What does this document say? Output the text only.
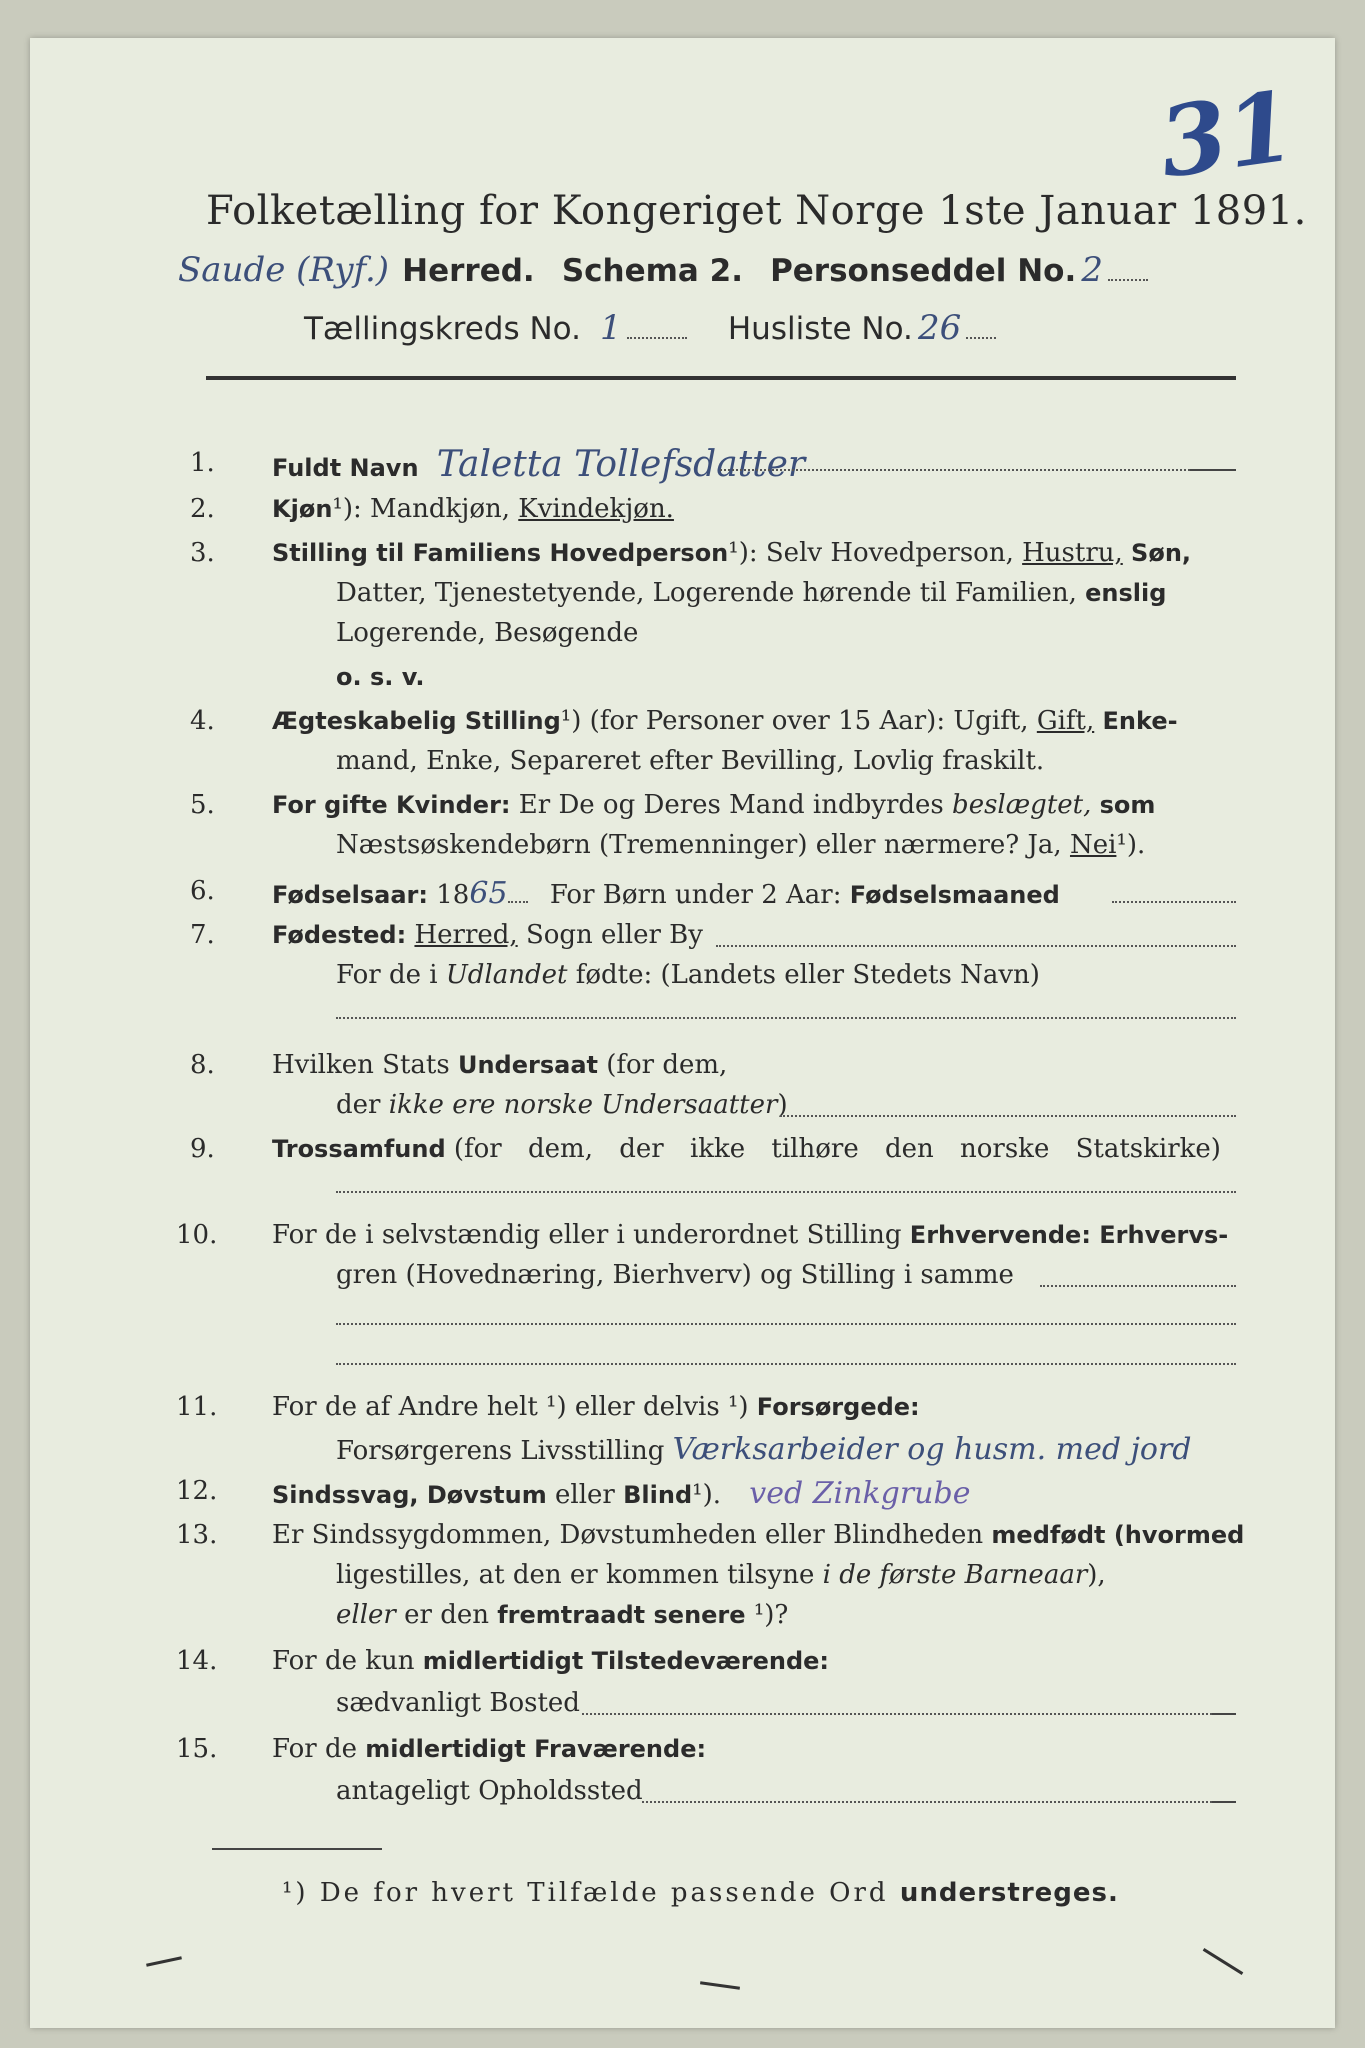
31
Folketælling for Kongeriget Norge 1ste Januar 1891.
Saude (Ryf.) Herred. Schema 2. Personseddel No. 2
Tællingskreds No. 1	Husliste No. 26
1.	Fuldt Navn Taletta Tollefsdatter
2.	Kjøn¹): Mandkjøn, Kvindekjøn.
3.	Stilling til Familiens Hovedperson¹): Selv Hovedperson, Hustru, Søn,
Datter, Tjenestetyende, Logerende hørende til Familien, enslig
Logerende, Besøgende
o. s. v.
4.	Ægteskabelig Stilling¹) (for Personer over 15 Aar): Ugift, Gift, Enke-
mand, Enke, Separeret efter Bevilling, Lovlig fraskilt.
5.	For gifte Kvinder: Er De og Deres Mand indbyrdes beslægtet, som
Næstsøskendebørn (Tremenninger) eller nærmere? Ja, Nei¹).
6.	Fødselsaar: 1865 For Børn under 2 Aar: Fødselsmaaned
7.	Fødested: Herred, Sogn eller By
For de i Udlandet fødte: (Landets eller Stedets Navn)
8.	Hvilken Stats Undersaat (for dem,
der ikke ere norske Undersaatter)
9.	Trossamfund (for dem, der ikke tilhøre den norske Statskirke)
10.	For de i selvstændig eller i underordnet Stilling Erhvervende: Erhvervs-
gren (Hovednæring, Bierhverv) og Stilling i samme
11.	For de af Andre helt ¹) eller delvis ¹) Forsørgede:
Forsørgerens Livsstilling Værksarbeider og husm. med jord
12.	Sindssvag, Døvstum eller Blind¹). ved Zinkgrube
13.	Er Sindssygdommen, Døvstumheden eller Blindheden medfødt (hvormed
ligestilles, at den er kommen tilsyne i de første Barneaar),
eller er den fremtraadt senere ¹)?
14.	For de kun midlertidigt Tilstedeværende:
sædvanligt Bosted
15.	For de midlertidigt Fraværende:
antageligt Opholdssted
¹) De for hvert Tilfælde passende Ord understreges.
